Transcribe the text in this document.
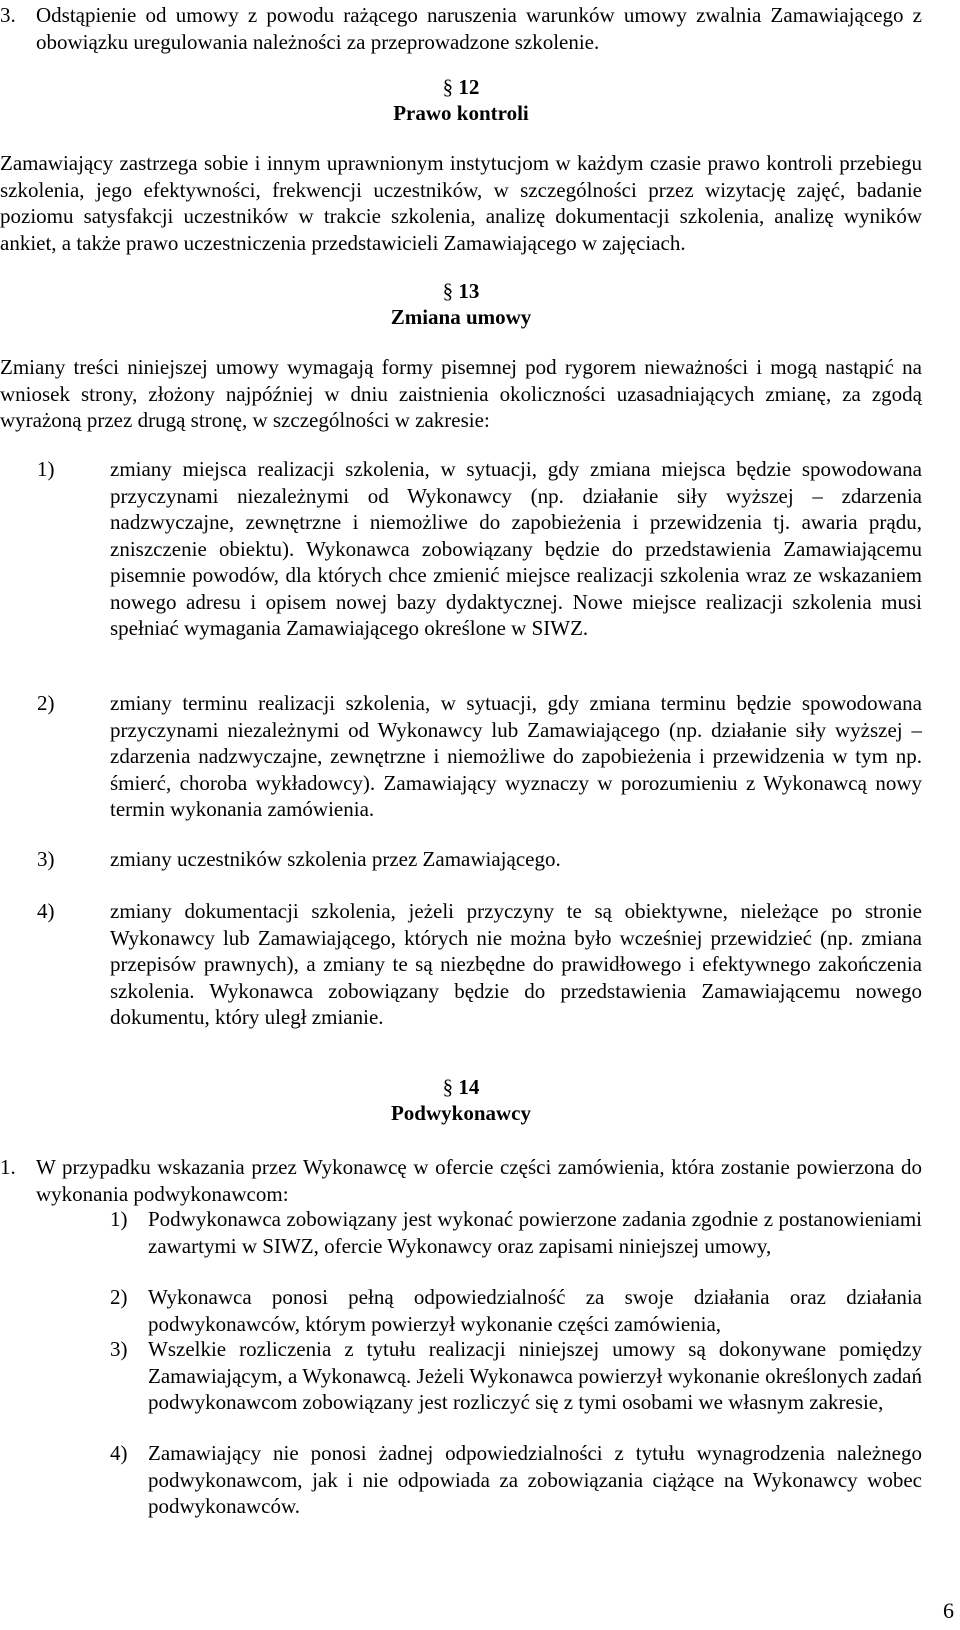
3. Odstąpienie od umowy z powodu rażącego naruszenia warunków umowy zwalnia Zamawiającego z obowiązku uregulowania należności za przeprowadzone szkolenie.
§ 12
Prawo kontroli
Zamawiający zastrzega sobie i innym uprawnionym instytucjom w każdym czasie prawo kontroli przebiegu szkolenia, jego efektywności, frekwencji uczestników, w szczególności przez wizytację zajęć, badanie poziomu satysfakcji uczestników w trakcie szkolenia, analizę dokumentacji szkolenia, analizę wyników ankiet, a także prawo uczestniczenia przedstawicieli Zamawiającego w zajęciach.
§ 13
Zmiana umowy
Zmiany treści niniejszej umowy wymagają formy pisemnej pod rygorem nieważności i mogą nastąpić na wniosek strony, złożony najpóźniej w dniu zaistnienia okoliczności uzasadniających zmianę, za zgodą wyrażoną przez drugą stronę, w szczególności w zakresie:
1)	zmiany miejsca realizacji szkolenia, w sytuacji, gdy zmiana miejsca będzie spowodowana przyczynami niezależnymi od Wykonawcy (np. działanie siły wyższej – zdarzenia nadzwyczajne, zewnętrzne i niemożliwe do zapobieżenia i przewidzenia tj. awaria prądu, zniszczenie obiektu). Wykonawca zobowiązany będzie do przedstawienia Zamawiającemu pisemnie powodów, dla których chce zmienić miejsce realizacji szkolenia wraz ze wskazaniem nowego adresu i opisem nowej bazy dydaktycznej. Nowe miejsce realizacji szkolenia musi spełniać wymagania Zamawiającego określone w SIWZ.
2)	zmiany terminu realizacji szkolenia, w sytuacji, gdy zmiana terminu będzie spowodowana przyczynami niezależnymi od Wykonawcy lub Zamawiającego (np. działanie siły wyższej – zdarzenia nadzwyczajne, zewnętrzne i niemożliwe do zapobieżenia i przewidzenia w tym np. śmierć, choroba wykładowcy). Zamawiający wyznaczy w porozumieniu z Wykonawcą nowy termin wykonania zamówienia.
3)	zmiany uczestników szkolenia przez Zamawiającego.
4)	zmiany dokumentacji szkolenia, jeżeli przyczyny te są obiektywne, nieleżące po stronie Wykonawcy lub Zamawiającego, których nie można było wcześniej przewidzieć (np. zmiana przepisów prawnych), a zmiany te są niezbędne do prawidłowego i efektywnego zakończenia szkolenia. Wykonawca zobowiązany będzie do przedstawienia Zamawiającemu nowego dokumentu, który uległ zmianie.
§ 14
Podwykonawcy
1. W przypadku wskazania przez Wykonawcę w ofercie części zamówienia, która zostanie powierzona do wykonania podwykonawcom:
1) Podwykonawca zobowiązany jest wykonać powierzone zadania zgodnie z postanowieniami zawartymi w SIWZ, ofercie Wykonawcy oraz zapisami niniejszej umowy,
2) Wykonawca ponosi pełną odpowiedzialność za swoje działania oraz działania podwykonawców, którym powierzył wykonanie części zamówienia,
3) Wszelkie rozliczenia z tytułu realizacji niniejszej umowy są dokonywane pomiędzy Zamawiającym, a Wykonawcą. Jeżeli Wykonawca powierzył wykonanie określonych zadań podwykonawcom zobowiązany jest rozliczyć się z tymi osobami we własnym zakresie,
4) Zamawiający nie ponosi żadnej odpowiedzialności z tytułu wynagrodzenia należnego podwykonawcom, jak i nie odpowiada za zobowiązania ciążące na Wykonawcy wobec podwykonawców.
6
